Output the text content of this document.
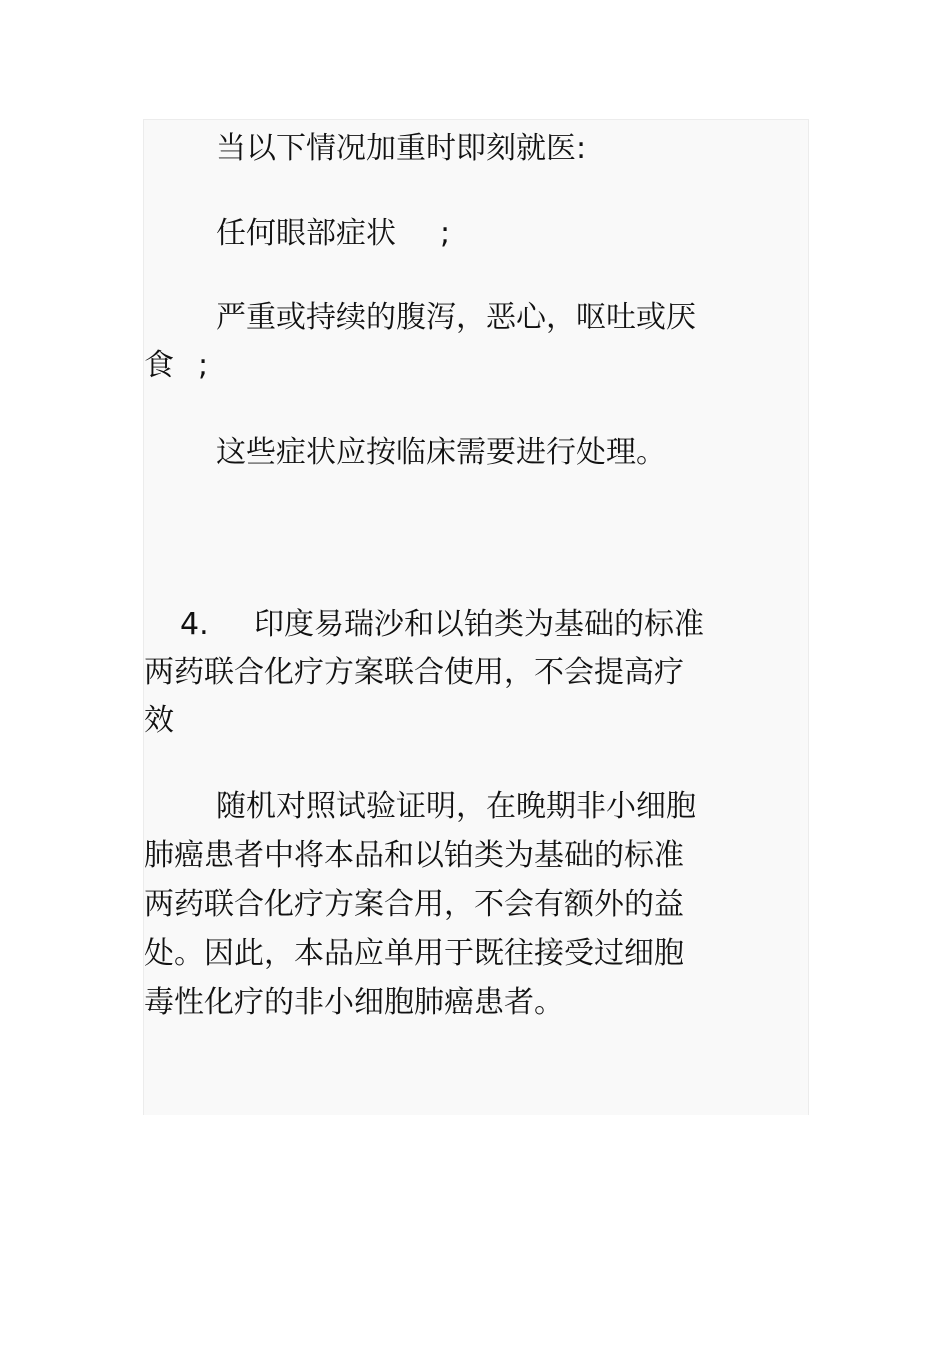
当以下情况加重时即刻就医:
任何眼部症状 ;
严重或持续的腹泻，恶心，呕吐或厌
食 ;
这些症状应按临床需要进行处理。
4. 印度易瑞沙和以铂类为基础的标准
两药联合化疗方案联合使用，不会提高疗
效
随机对照试验证明，在晚期非小细胞
肺癌患者中将本品和以铂类为基础的标准
两药联合化疗方案合用，不会有额外的益
处。因此，本品应单用于既往接受过细胞
毒性化疗的非小细胞肺癌患者。
